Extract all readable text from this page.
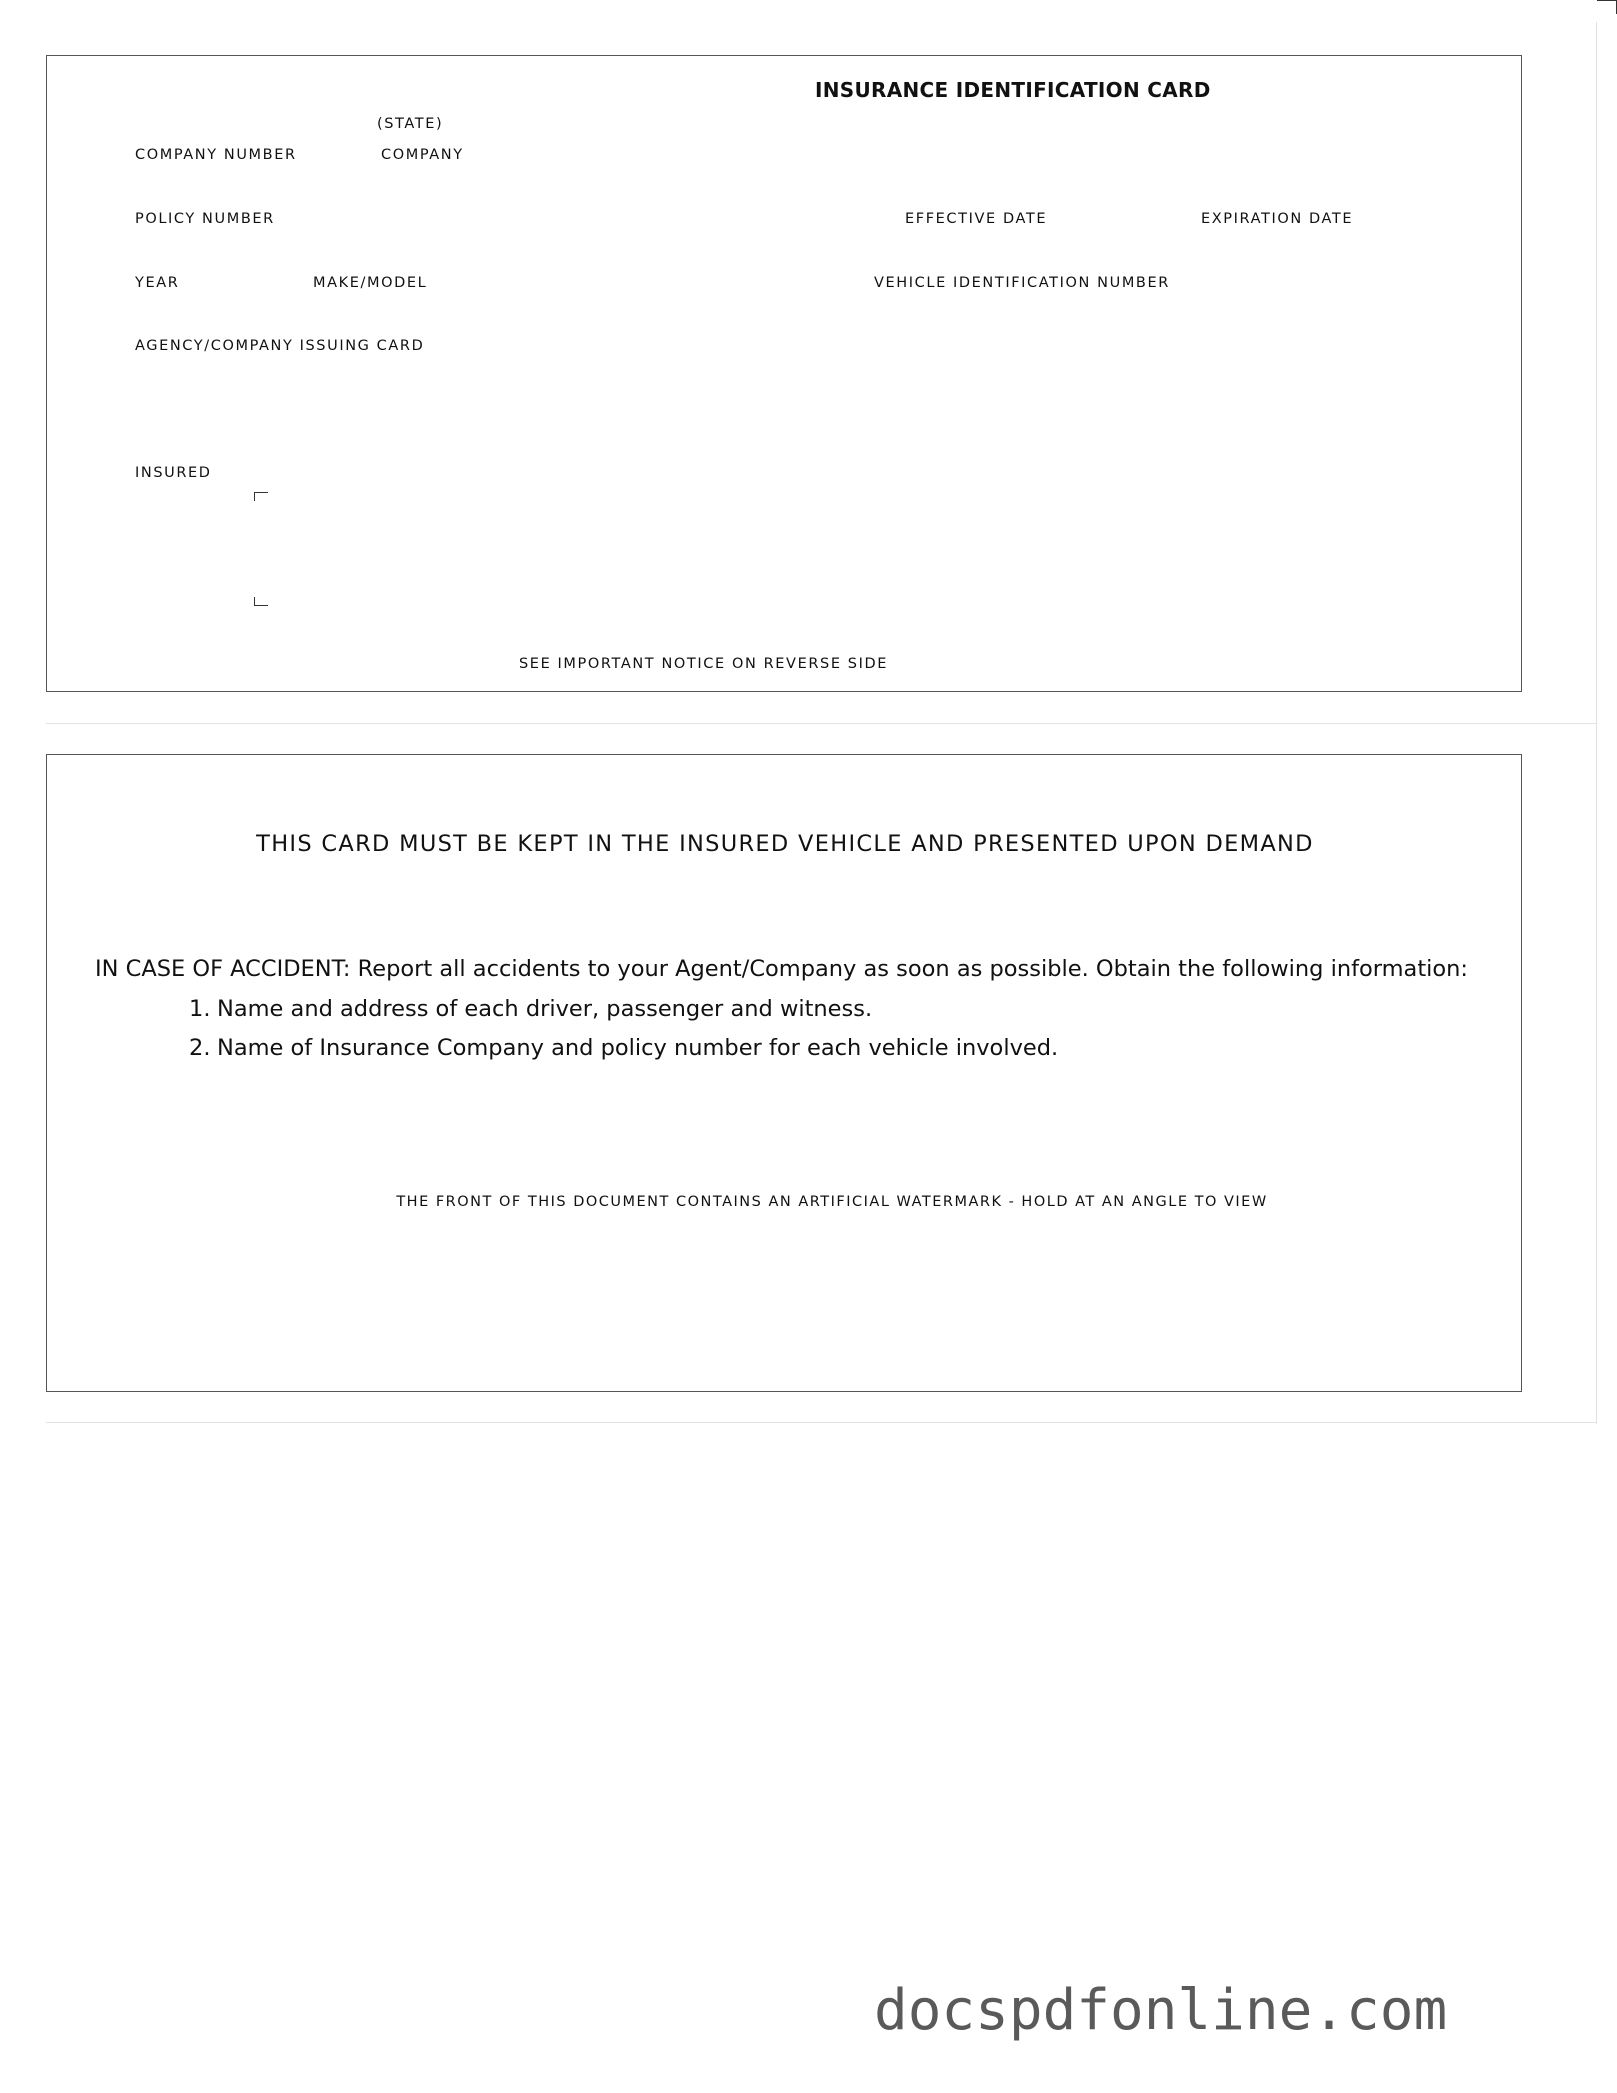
INSURANCE IDENTIFICATION CARD
(STATE)
COMPANY NUMBER	COMPANY
POLICY NUMBER	EFFECTIVE DATE	EXPIRATION DATE
YEAR	MAKE/MODEL	VEHICLE IDENTIFICATION NUMBER
AGENCY/COMPANY ISSUING CARD
INSURED
SEE IMPORTANT NOTICE ON REVERSE SIDE
THIS CARD MUST BE KEPT IN THE INSURED VEHICLE AND PRESENTED UPON DEMAND
IN CASE OF ACCIDENT: Report all accidents to your Agent/Company as soon as possible. Obtain the following information:
1. Name and address of each driver, passenger and witness.
2. Name of Insurance Company and policy number for each vehicle involved.
THE FRONT OF THIS DOCUMENT CONTAINS AN ARTIFICIAL WATERMARK - HOLD AT AN ANGLE TO VIEW
docspdfonline.com
